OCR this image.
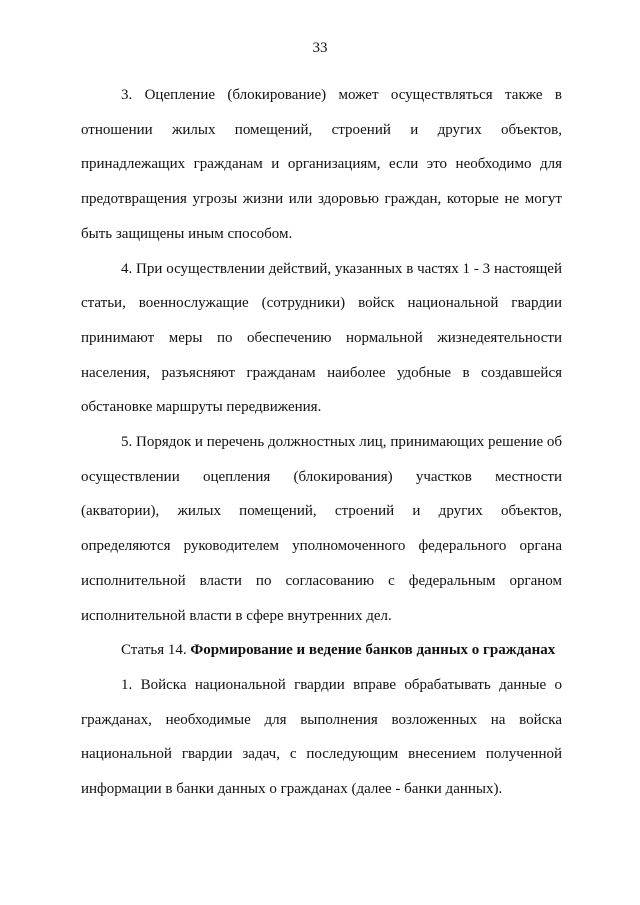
33

3. Оцепление (блокирование) может осуществляться также в отношении жилых помещений, строений и других объектов, принадлежащих гражданам и организациям, если это необходимо для предотвращения угрозы жизни или здоровью граждан, которые не могут быть защищены иным способом.

4. При осуществлении действий, указанных в частях 1 - 3 настоящей статьи, военнослужащие (сотрудники) войск национальной гвардии принимают меры по обеспечению нормальной жизнедеятельности населения, разъясняют гражданам наиболее удобные в создавшейся обстановке маршруты передвижения.

5. Порядок и перечень должностных лиц, принимающих решение об осуществлении оцепления (блокирования) участков местности (акватории), жилых помещений, строений и других объектов, определяются руководителем уполномоченного федерального органа исполнительной власти по согласованию с федеральным органом исполнительной власти в сфере внутренних дел.

Статья 14. Формирование и ведение банков данных о гражданах

1. Войска национальной гвардии вправе обрабатывать данные о гражданах, необходимые для выполнения возложенных на войска национальной гвардии задач, с последующим внесением полученной информации в банки данных о гражданах (далее - банки данных).
